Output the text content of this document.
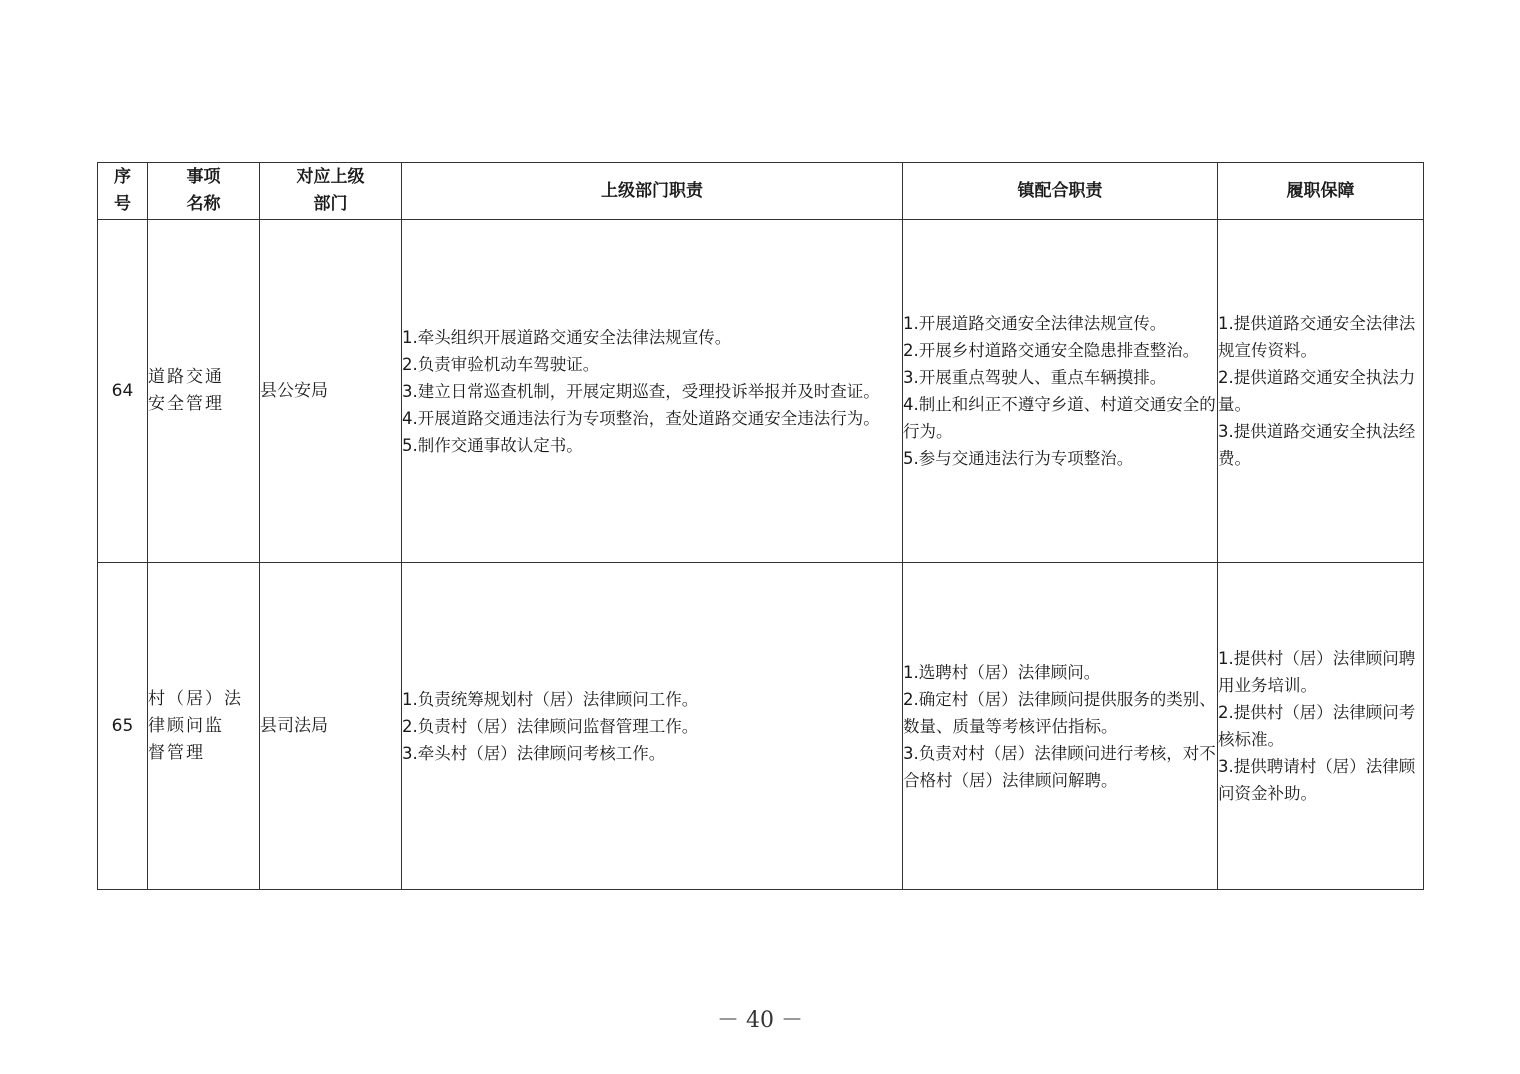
序
号	事项
名称	对应上级
部门	上级部门职责	镇配合职责	履职保障
64	道路交通
安全管理	县公安局	1.牵头组织开展道路交通安全法律法规宣传。
2.负责审验机动车驾驶证。
3.建立日常巡查机制，开展定期巡查，受理投诉举报并及时查证。
4.开展道路交通违法行为专项整治，查处道路交通安全违法行为。
5.制作交通事故认定书。	1.开展道路交通安全法律法规宣传。
2.开展乡村道路交通安全隐患排查整治。
3.开展重点驾驶人、重点车辆摸排。
4.制止和纠正不遵守乡道、村道交通安全的行为。
5.参与交通违法行为专项整治。	1.提供道路交通安全法律法规宣传资料。
2.提供道路交通安全执法力量。
3.提供道路交通安全执法经费。

65	村（居）法
律顾问监
督管理	县司法局	1.负责统筹规划村（居）法律顾问工作。
2.负责村（居）法律顾问监督管理工作。
3.牵头村（居）法律顾问考核工作。	1.选聘村（居）法律顾问。
2.确定村（居）法律顾问提供服务的类别、数量、质量等考核评估指标。
3.负责对村（居）法律顾问进行考核，对不合格村（居）法律顾问解聘。	1.提供村（居）法律顾问聘用业务培训。
2.提供村（居）法律顾问考核标准。
3.提供聘请村（居）法律顾问资金补助。
－ 40 －
